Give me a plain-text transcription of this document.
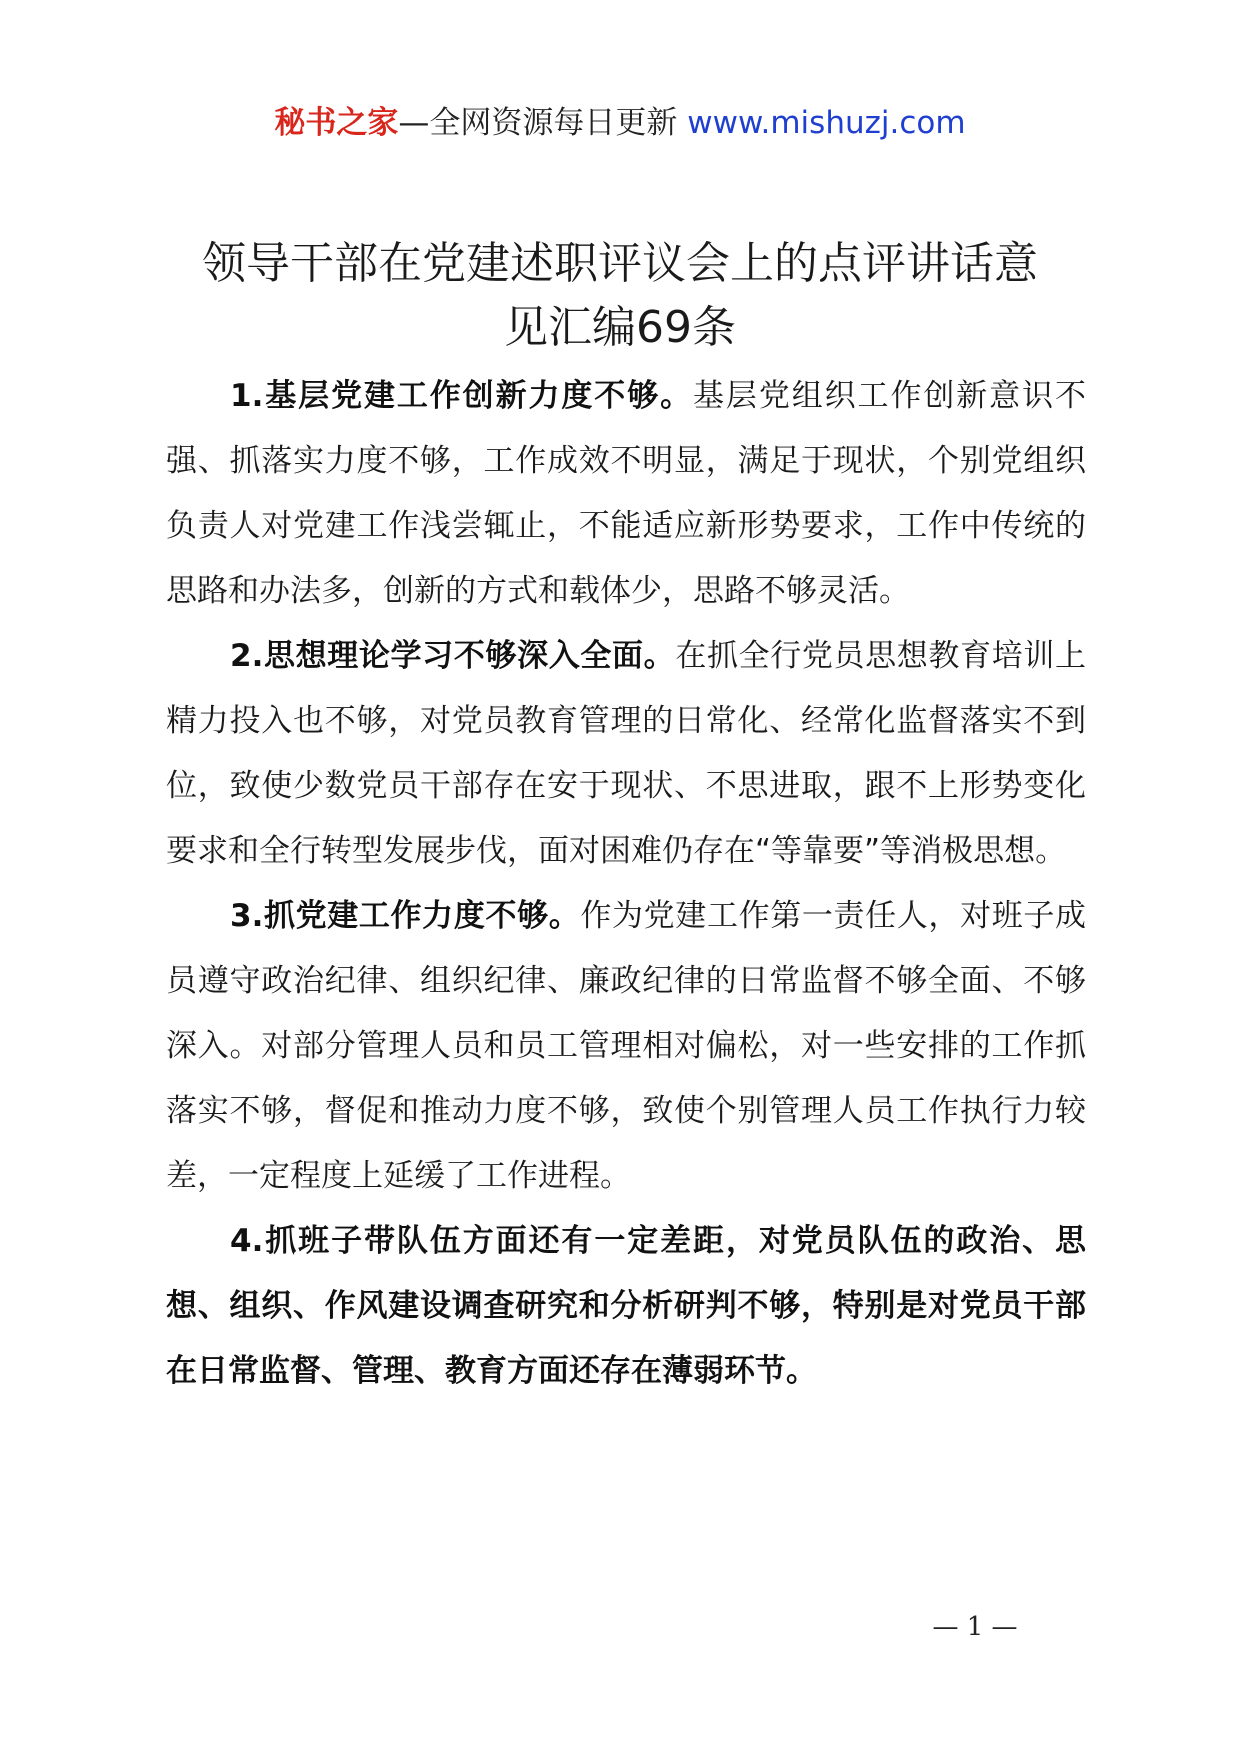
秘书之家—全网资源每日更新 www.mishuzj.com
领导干部在党建述职评议会上的点评讲话意
见汇编69条

1.基层党建工作创新力度不够。基层党组织工作创新意识不强、抓落实力度不够，工作成效不明显，满足于现状，个别党组织负责人对党建工作浅尝辄止，不能适应新形势要求，工作中传统的思路和办法多，创新的方式和载体少，思路不够灵活。

2.思想理论学习不够深入全面。在抓全行党员思想教育培训上精力投入也不够，对党员教育管理的日常化、经常化监督落实不到位，致使少数党员干部存在安于现状、不思进取，跟不上形势变化要求和全行转型发展步伐，面对困难仍存在“等靠要”等消极思想。

3.抓党建工作力度不够。作为党建工作第一责任人，对班子成员遵守政治纪律、组织纪律、廉政纪律的日常监督不够全面、不够深入。对部分管理人员和员工管理相对偏松，对一些安排的工作抓落实不够，督促和推动力度不够，致使个别管理人员工作执行力较差，一定程度上延缓了工作进程。

4.抓班子带队伍方面还有一定差距，对党员队伍的政治、思想、组织、作风建设调查研究和分析研判不够，特别是对党员干部在日常监督、管理、教育方面还存在薄弱环节。

— 1 —
